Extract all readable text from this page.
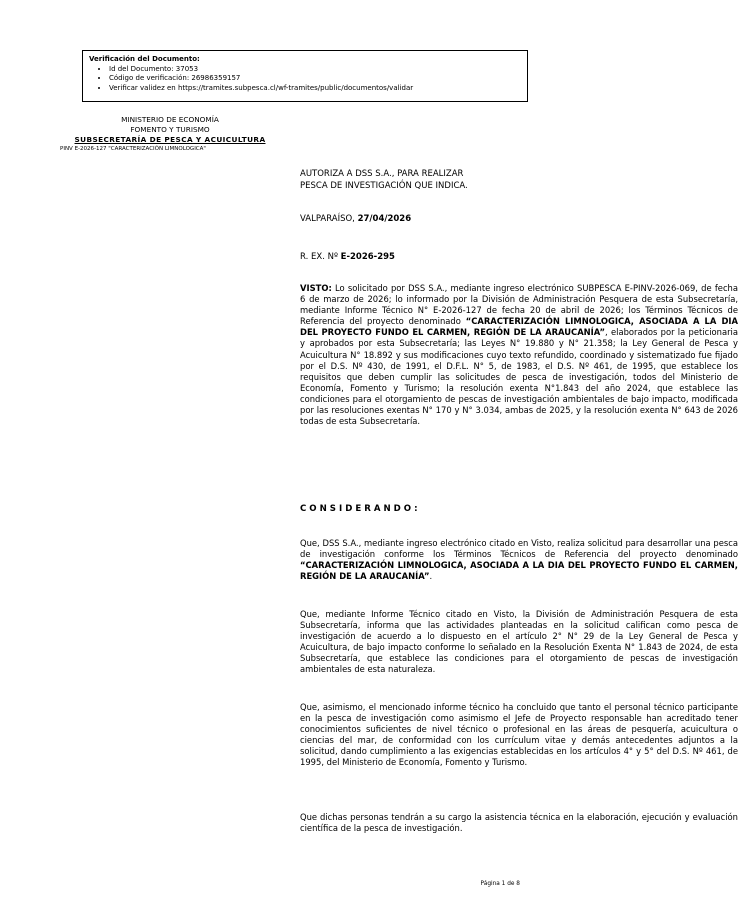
Verificación del Documento:
• Id del Documento: 37053
• Código de verificación: 26986359157
• Verificar validez en https://tramites.subpesca.cl/wf-tramites/public/documentos/validar
MINISTERIO DE ECONOMÍA
FOMENTO Y TURISMO
SUBSECRETARÍA DE PESCA Y ACUICULTURA
PINV E-2026-127 "CARACTERIZACIÓN LIMNOLOGICA"
AUTORIZA A DSS S.A., PARA REALIZAR
PESCA DE INVESTIGACIÓN QUE INDICA.
VALPARAÍSO, 27/04/2026
R. EX. Nº E-2026-295
VISTO: Lo solicitado por DSS S.A., mediante ingreso electrónico SUBPESCA E-PINV-2026-069, de fecha 6 de marzo de 2026; lo informado por la División de Administración Pesquera de esta Subsecretaría, mediante Informe Técnico N° E-2026-127 de fecha 20 de abril de 2026; los Términos Técnicos de Referencia del proyecto denominado “CARACTERIZACIÓN LIMNOLOGICA, ASOCIADA A LA DIA DEL PROYECTO FUNDO EL CARMEN, REGIÓN DE LA ARAUCANÍA”, elaborados por la peticionaria y aprobados por esta Subsecretaría; las Leyes N° 19.880 y N° 21.358; la Ley General de Pesca y Acuicultura N° 18.892 y sus modificaciones cuyo texto refundido, coordinado y sistematizado fue fijado por el D.S. Nº 430, de 1991, el D.F.L. N° 5, de 1983, el D.S. Nº 461, de 1995, que establece los requisitos que deben cumplir las solicitudes de pesca de investigación, todos del Ministerio de Economía, Fomento y Turismo; la resolución exenta N°1.843 del año 2024, que establece las condiciones para el otorgamiento de pescas de investigación ambientales de bajo impacto, modificada por las resoluciones exentas N° 170 y N° 3.034, ambas de 2025, y la resolución exenta N° 643 de 2026 todas de esta Subsecretaría.
CONSIDERANDO:
Que, DSS S.A., mediante ingreso electrónico citado en Visto, realiza solicitud para desarrollar una pesca de investigación conforme los Términos Técnicos de Referencia del proyecto denominado “CARACTERIZACIÓN LIMNOLOGICA, ASOCIADA A LA DIA DEL PROYECTO FUNDO EL CARMEN, REGIÓN DE LA ARAUCANÍA”.
Que, mediante Informe Técnico citado en Visto, la División de Administración Pesquera de esta Subsecretaría, informa que las actividades planteadas en la solicitud califican como pesca de investigación de acuerdo a lo dispuesto en el artículo 2° N° 29 de la Ley General de Pesca y Acuicultura, de bajo impacto conforme lo señalado en la Resolución Exenta N° 1.843 de 2024, de esta Subsecretaría, que establece las condiciones para el otorgamiento de pescas de investigación ambientales de esta naturaleza.
Que, asimismo, el mencionado informe técnico ha concluido que tanto el personal técnico participante en la pesca de investigación como asimismo el Jefe de Proyecto responsable han acreditado tener conocimientos suficientes de nivel técnico o profesional en las áreas de pesquería, acuicultura o ciencias del mar, de conformidad con los currículum vitae y demás antecedentes adjuntos a la solicitud, dando cumplimiento a las exigencias establecidas en los artículos 4° y 5° del D.S. Nº 461, de 1995, del Ministerio de Economía, Fomento y Turismo.
Que dichas personas tendrán a su cargo la asistencia técnica en la elaboración, ejecución y evaluación científica de la pesca de investigación.
Página 1 de 8
